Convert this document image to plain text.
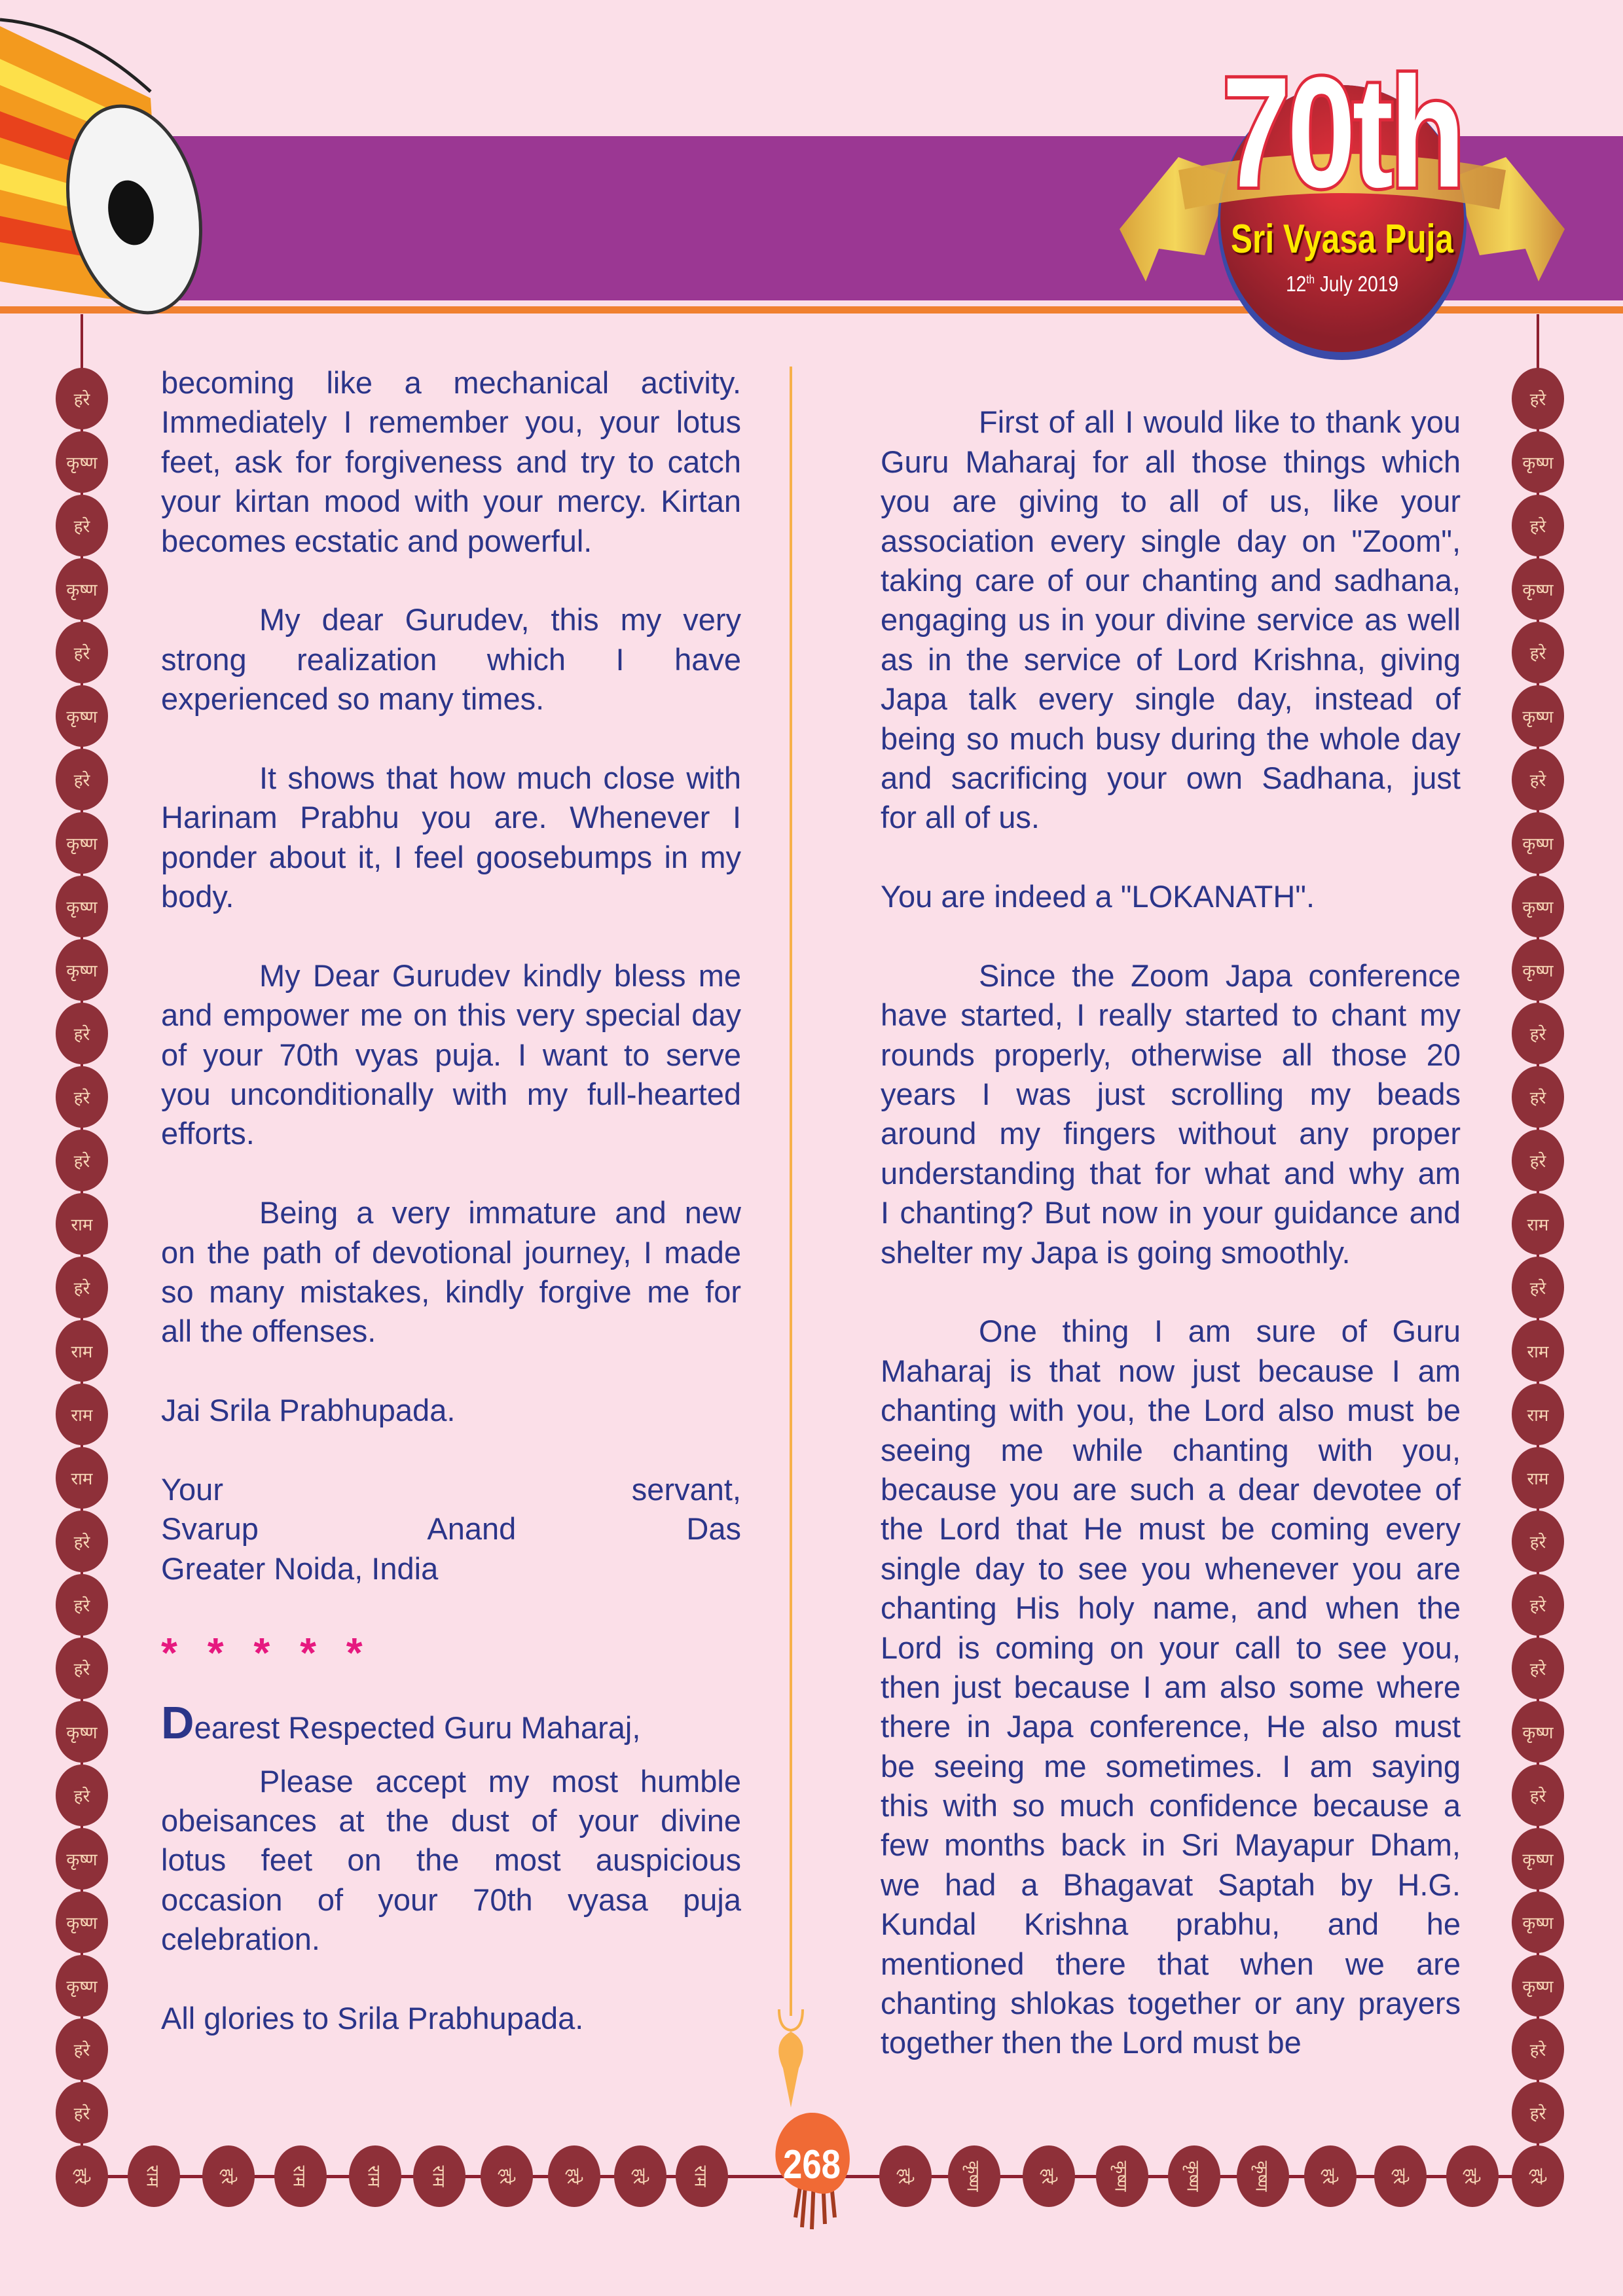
70th
Sri Vyasa Puja
12th July 2019
becoming like a mechanical activity.
Immediately I remember you, your lotus
feet, ask for forgiveness and try to catch
your kirtan mood with your mercy. Kirtan
becomes ecstatic and powerful.
My dear Gurudev, this my very
strong realization which I have
experienced so many times.
It shows that how much close with
Harinam Prabhu you are. Whenever I
ponder about it, I feel goosebumps in my
body.
My Dear Gurudev kindly bless me
and empower me on this very special day
of your 70th vyas puja. I want to serve
you unconditionally with my full-hearted
efforts.
Being a very immature and new
on the path of devotional journey, I made
so many mistakes, kindly forgive me for
all the offenses.
Jai Srila Prabhupada.
Your servant,
Svarup Anand Das
Greater Noida, India
* * * * *
Dearest Respected Guru Maharaj,
Please accept my most humble
obeisances at the dust of your divine
lotus feet on the most auspicious
occasion of your 70th vyasa puja
celebration.
All glories to Srila Prabhupada.
First of all I would like to thank you
Guru Maharaj for all those things which
you are giving to all of us, like your
association every single day on "Zoom",
taking care of our chanting and sadhana,
engaging us in your divine service as well
as in the service of Lord Krishna, giving
Japa talk every single day, instead of
being so much busy during the whole day
and sacrificing your own Sadhana, just
for all of us.
You are indeed a "LOKANATH".
Since the Zoom Japa conference
have started, I really started to chant my
rounds properly, otherwise all those 20
years I was just scrolling my beads
around my fingers without any proper
understanding that for what and why am
I chanting? But now in your guidance and
shelter my Japa is going smoothly.
One thing I am sure of Guru
Maharaj is that now just because I am
chanting with you, the Lord also must be
seeing me while chanting with you,
because you are such a dear devotee of
the Lord that He must be coming every
single day to see you whenever you are
chanting His holy name, and when the
Lord is coming on your call to see you,
then just because I am also some where
there in Japa conference, He also must
be seeing me sometimes. I am saying
this with so much confidence because a
few months back in Sri Mayapur Dham,
we had a Bhagavat Saptah by H.G.
Kundal Krishna prabhu, and he
mentioned there that when we are
chanting shlokas together or any prayers
together then the Lord must be
हरे
कृष्ण
हरे
कृष्ण
हरे
कृष्ण
हरे
कृष्ण
कृष्ण
कृष्ण
हरे
हरे
हरे
राम
हरे
राम
राम
राम
हरे
हरे
हरे
कृष्ण
हरे
कृष्ण
कृष्ण
कृष्ण
हरे
हरे
हरे
कृष्ण
हरे
कृष्ण
हरे
कृष्ण
हरे
कृष्ण
कृष्ण
कृष्ण
हरे
हरे
हरे
राम
हरे
राम
राम
राम
हरे
हरे
हरे
कृष्ण
हरे
कृष्ण
कृष्ण
कृष्ण
हरे
हरे
हरे	राम	हरे	राम	राम	राम	हरे	हरे	हरे राम	हरे	कृष्ण	हरे	कृष्ण	कृष्ण	कृष्ण	हरे	हरे	हरे	हरे
268
